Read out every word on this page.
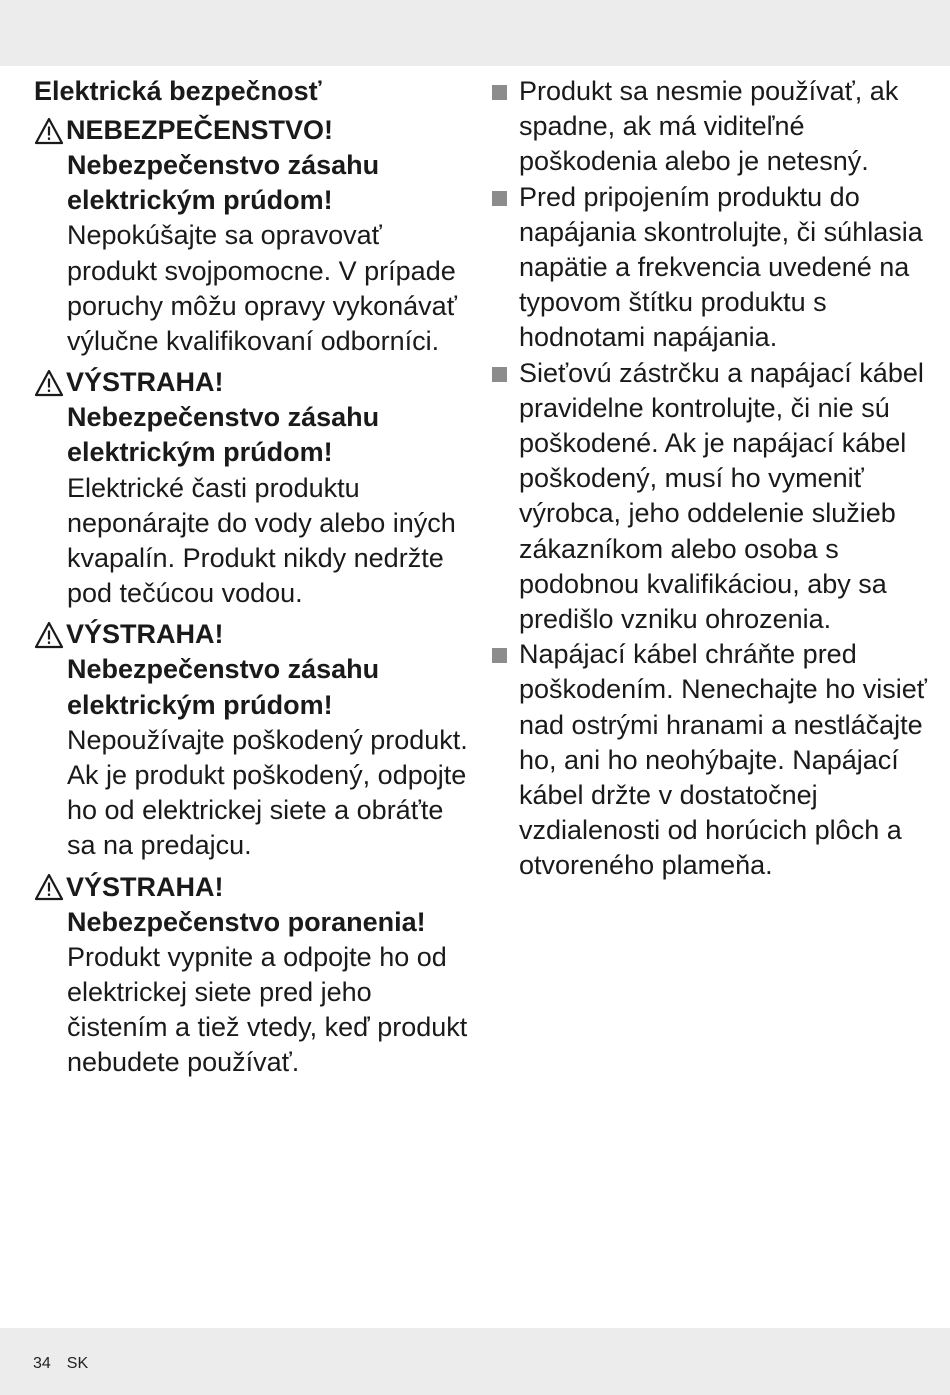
Elektrická bezpečnosť
NEBEZPEČENSTVO!
Nebezpečenstvo zásahu elektrickým prúdom!
Nepokúšajte sa opravovať produkt svojpomocne. V prípade poruchy môžu opravy vykonávať výlučne kvalifikovaní odborníci.
VÝSTRAHA!
Nebezpečenstvo zásahu elektrickým prúdom!
Elektrické časti produktu neponárajte do vody alebo iných kvapalín. Produkt nikdy nedržte pod tečúcou vodou.
VÝSTRAHA!
Nebezpečenstvo zásahu elektrickým prúdom!
Nepoužívajte poškodený produkt. Ak je produkt poškodený, odpojte ho od elektrickej siete a obráťte sa na predajcu.
VÝSTRAHA!
Nebezpečenstvo poranenia! Produkt vypnite a odpojte ho od elektrickej siete pred jeho čistením a tiež vtedy, keď produkt nebudete používať.
Produkt sa nesmie používať, ak spadne, ak má viditeľné poškodenia alebo je netesný.
Pred pripojením produktu do napájania skontrolujte, či súhlasia napätie a frekvencia uvedené na typovom štítku produktu s hodnotami napájania.
Sieťovú zástrčku a napájací kábel pravidelne kontrolujte, či nie sú poškodené. Ak je napájací kábel poškodený, musí ho vymeniť výrobca, jeho oddelenie služieb zákazníkom alebo osoba s podobnou kvalifikáciou, aby sa predišlo vzniku ohrozenia.
Napájací kábel chráňte pred poškodením. Nenechajte ho visieť nad ostrými hranami a nestláčajte ho, ani ho neohýbajte. Napájací kábel držte v dostatočnej vzdialenosti od horúcich plôch a otvoreného plameňa.
34 SK
